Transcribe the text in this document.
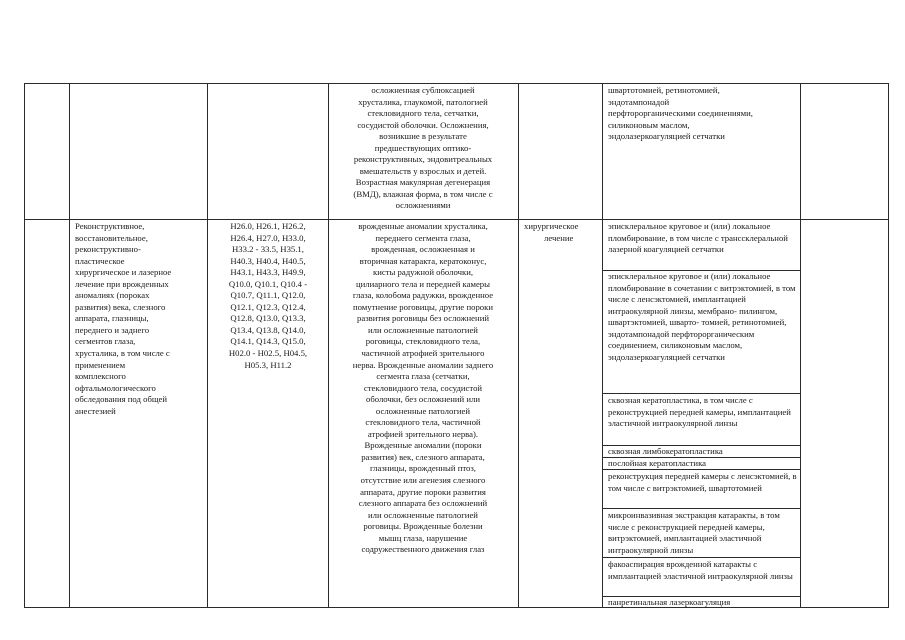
осложненная сублюксацией
хрусталика, глаукомой, патологией
стекловидного тела, сетчатки,
сосудистой оболочки. Осложнения,
возникшие в результате
предшествующих оптико-
реконструктивных, эндовитреальных
вмешательств у взрослых и детей.
Возрастная макулярная дегенерация
(ВМД), влажная форма, в том числе с
осложнениями
швартотомией, ретинотомией,
эндотампонадой
перфторорганическими соединениями,
силиконовым маслом,
эндолазеркоагуляцией сетчатки
Реконструктивное,
восстановительное,
реконструктивно-
пластическое
хирургическое и лазерное
лечение при врожденных
аномалиях (пороках
развития) века, слезного
аппарата, глазницы,
переднего и заднего
сегментов глаза,
хрусталика, в том числе с
применением
комплексного
офтальмологического
обследования под общей
анестезией
H26.0, H26.1, H26.2,
H26.4, H27.0, H33.0,
H33.2 - 33.5, H35.1,
H40.3, H40.4, H40.5,
H43.1, H43.3, H49.9,
Q10.0, Q10.1, Q10.4 -
Q10.7, Q11.1, Q12.0,
Q12.1, Q12.3, Q12.4,
Q12.8, Q13.0, Q13.3,
Q13.4, Q13.8, Q14.0,
Q14.1, Q14.3, Q15.0,
H02.0 - H02.5, H04.5,
H05.3, H11.2
врожденные аномалии хрусталика,
переднего сегмента глаза,
врожденная, осложненная и
вторичная катаракта, кератоконус,
кисты радужной оболочки,
цилиарного тела и передней камеры
глаза, колобома радужки, врожденное
помутнение роговицы, другие пороки
развития роговицы без осложнений
или осложненные патологией
роговицы, стекловидного тела,
частичной атрофией зрительного
нерва. Врожденные аномалии заднего
сегмента глаза (сетчатки,
стекловидного тела, сосудистой
оболочки, без осложнений или
осложненные патологией
стекловидного тела, частичной
атрофией зрительного нерва).
Врожденные аномалии (пороки
развития) век, слезного аппарата,
глазницы, врожденный птоз,
отсутствие или агенезия слезного
аппарата, другие пороки развития
слезного аппарата без осложнений
или осложненные патологией
роговицы. Врожденные болезни
мышц глаза, нарушение
содружественного движения глаз
хирургическое
лечение
эписклеральное круговое и (или) локальное пломбирование, в том числе с транссклеральной лазерной коагуляцией сетчатки
эписклеральное круговое и (или) локальное пломбирование в сочетании с витрэктомией, в том числе с ленсэктомией, имплантацией интраокулярной линзы, мембрано- пилингом, швартэктомией, шварто- томией, ретинотомией, эндотампонадой перфторорганическим соединением, силиконовым маслом, эндолазеркоагуляцией сетчатки
сквозная кератопластика, в том числе с реконструкцией передней камеры, имплантацией эластичной интраокулярной линзы
сквозная лимбокератопластика
послойная кератопластика
реконструкция передней камеры с ленсэктомией, в том числе с витрэктомией, швартотомией
микроинвазивная экстракция катаракты, в том числе с реконструкцией передней камеры, витрэктомией, имплантацией эластичной интраокулярной линзы
факоаспирация врожденной катаракты с имплантацией эластичной интраокулярной линзы
панретинальная лазеркоагуляция
